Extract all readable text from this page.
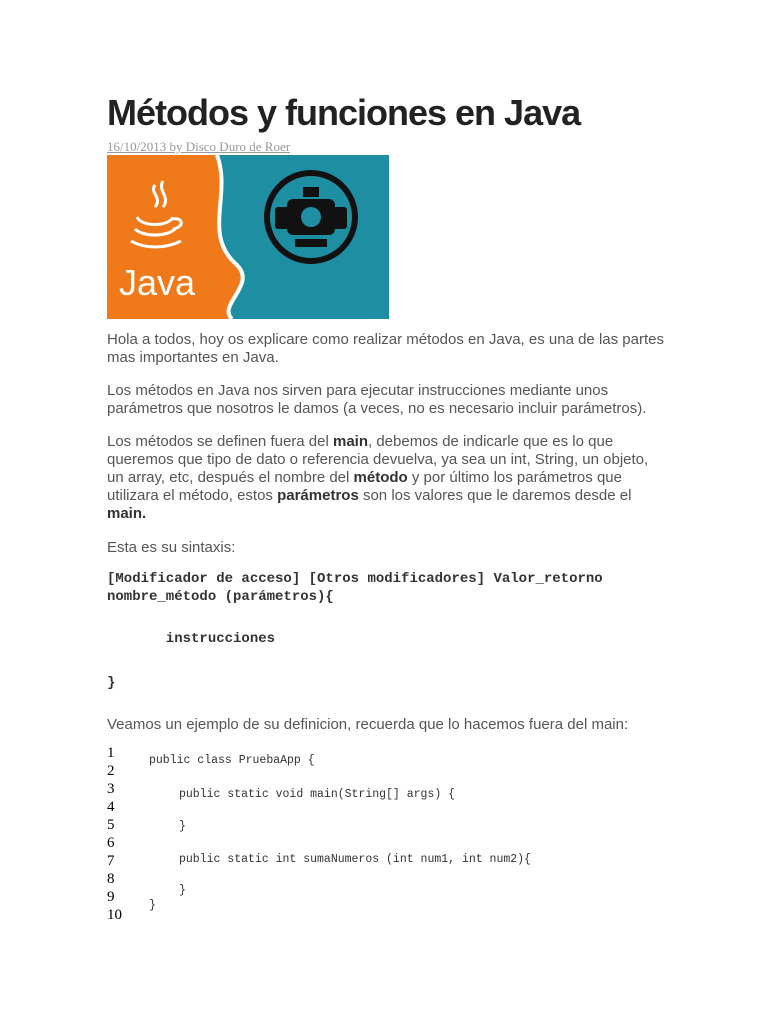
Métodos y funciones en Java
16/10/2013 by Disco Duro de Roer
Java

Hola a todos, hoy os explicare como realizar métodos en Java, es una de las partes mas importantes en Java.

Los métodos en Java nos sirven para ejecutar instrucciones mediante unos parámetros que nosotros le damos (a veces, no es necesario incluir parámetros).

Los métodos se definen fuera del main, debemos de indicarle que es lo que queremos que tipo de dato o referencia devuelva, ya sea un int, String, un objeto, un array, etc, después el nombre del método y por último los parámetros que utilizara el método, estos parámetros son los valores que le daremos desde el main.

Esta es su sintaxis:

[Modificador de acceso] [Otros modificadores] Valor_retorno
nombre_método (parámetros){
instrucciones
}

Veamos un ejemplo de su definicion, recuerda que lo hacemos fuera del main:

1
2
3
4
5
6
7
8
9
10
public class PruebaApp {
public static void main(String[] args) {
}
public static int sumaNumeros (int num1, int num2){
}
}
